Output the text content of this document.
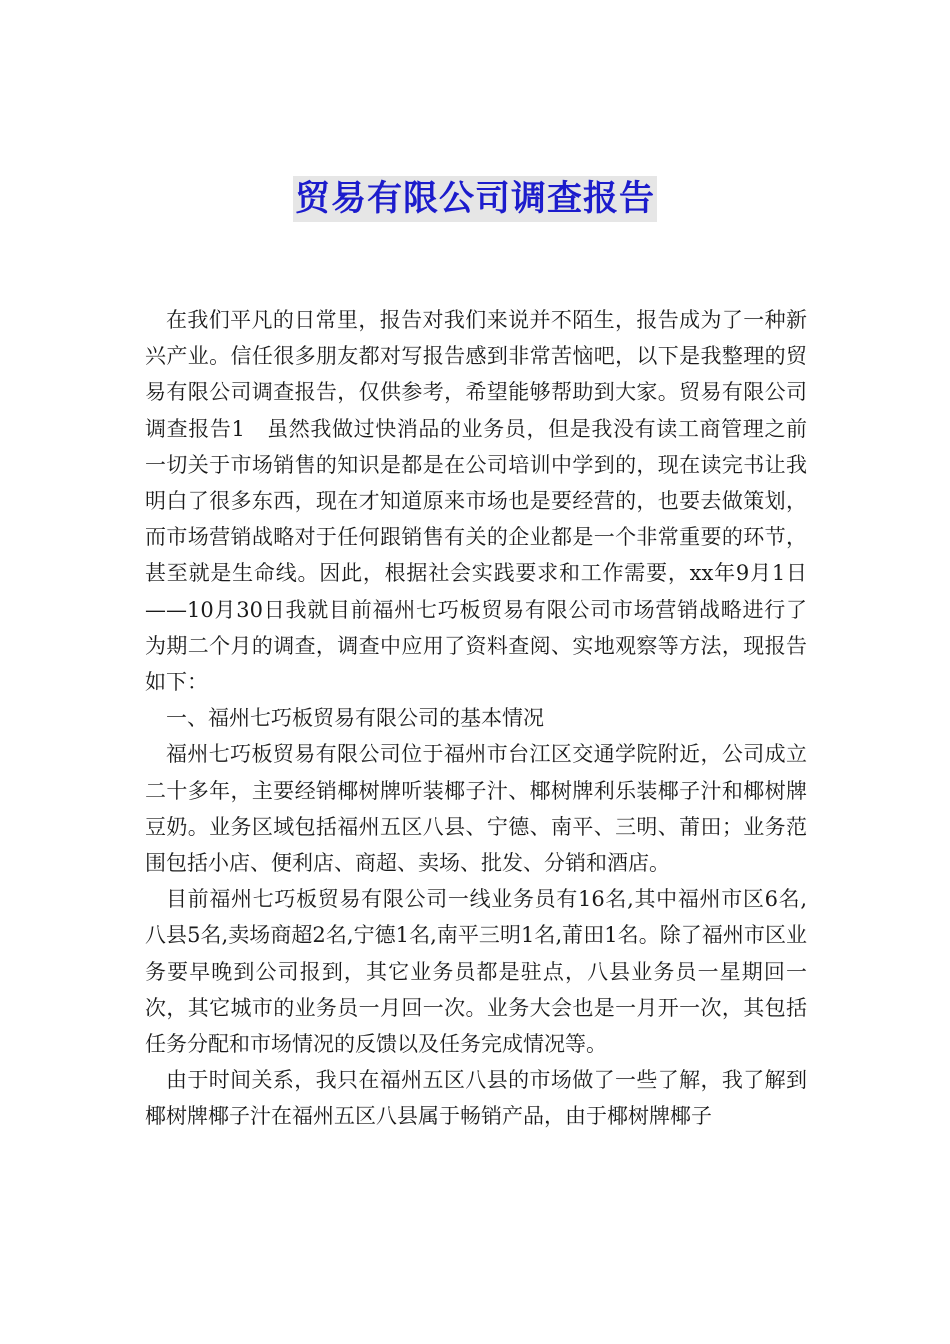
贸易有限公司调查报告

在我们平凡的日常里，报告对我们来说并不陌生，报告成为了一种新兴产业。信任很多朋友都对写报告感到非常苦恼吧，以下是我整理的贸易有限公司调查报告，仅供参考，希望能够帮助到大家。贸易有限公司调查报告1　虽然我做过快消品的业务员，但是我没有读工商管理之前一切关于市场销售的知识是都是在公司培训中学到的，现在读完书让我明白了很多东西，现在才知道原来市场也是要经营的，也要去做策划，而市场营销战略对于任何跟销售有关的企业都是一个非常重要的环节，甚至就是生命线。因此，根据社会实践要求和工作需要，xx年9月1日——10月30日我就目前福州七巧板贸易有限公司市场营销战略进行了为期二个月的调查，调查中应用了资料查阅、实地观察等方法，现报告如下：

一、福州七巧板贸易有限公司的基本情况

福州七巧板贸易有限公司位于福州市台江区交通学院附近，公司成立二十多年，主要经销椰树牌听装椰子汁、椰树牌利乐装椰子汁和椰树牌豆奶。业务区域包括福州五区八县、宁德、南平、三明、莆田；业务范围包括小店、便利店、商超、卖场、批发、分销和酒店。

目前福州七巧板贸易有限公司一线业务员有16名,其中福州市区6名,八县5名,卖场商超2名,宁德1名,南平三明1名,莆田1名。除了福州市区业务要早晚到公司报到，其它业务员都是驻点，八县业务员一星期回一次，其它城市的业务员一月回一次。业务大会也是一月开一次，其包括任务分配和市场情况的反馈以及任务完成情况等。

由于时间关系，我只在福州五区八县的市场做了一些了解，我了解到椰树牌椰子汁在福州五区八县属于畅销产品，由于椰树牌椰子
